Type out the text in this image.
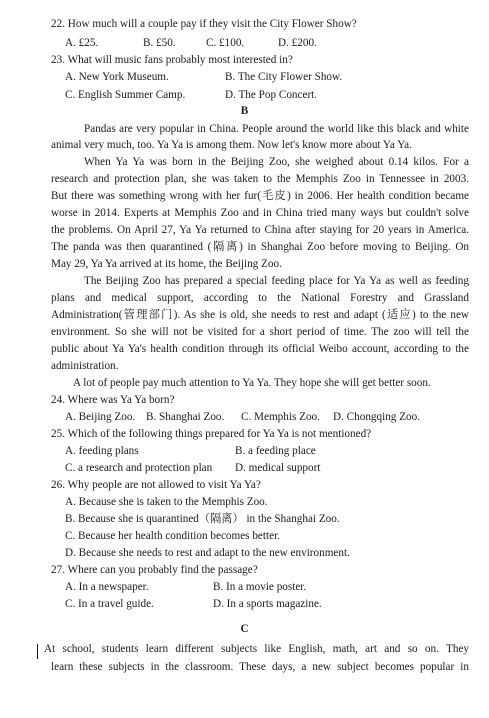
22. How much will a couple pay if they visit the City Flower Show?
A. £25.	B. £50.	C. £100.	D. £200.
23. What will music fans probably most interested in?
A. New York Museum.	B. The City Flower Show.
C. English Summer Camp.	D. The Pop Concert.
B
Pandas are very popular in China. People around the world like this black and white
animal very much, too. Ya Ya is among them. Now let's know more about Ya Ya.
When Ya Ya was born in the Beijing Zoo, she weighed about 0.14 kilos. For a
research and protection plan, she was taken to the Memphis Zoo in Tennessee in 2003.
But there was something wrong with her fur(毛皮) in 2006. Her health condition became
worse in 2014. Experts at Memphis Zoo and in China tried many ways but couldn't solve
the problems. On April 27, Ya Ya returned to China after staying for 20 years in America.
The panda was then quarantined (隔离) in Shanghai Zoo before moving to Beijing. On
May 29, Ya Ya arrived at its home, the Beijing Zoo.
The Beijing Zoo has prepared a special feeding place for Ya Ya as well as feeding
plans and medical support, according to the National Forestry and Grassland
Administration(管理部门). As she is old, she needs to rest and adapt (适应) to the new
environment. So she will not be visited for a short period of time. The zoo will tell the
public about Ya Ya's health condition through its official Weibo account, according to the
administration.
A lot of people pay much attention to Ya Ya. They hope she will get better soon.
24. Where was Ya Ya born?
A. Beijing Zoo. B. Shanghai Zoo. C. Memphis Zoo. D. Chongqing Zoo.
25. Which of the following things prepared for Ya Ya is not mentioned?
A. feeding plans	B. a feeding place
C. a research and protection plan D. medical support
26. Why people are not allowed to visit Ya Ya?
A. Because she is taken to the Memphis Zoo.
B. Because she is quarantined（隔离） in the Shanghai Zoo.
C. Because her health condition becomes better.
D. Because she needs to rest and adapt to the new environment.
27. Where can you probably find the passage?
A. In a newspaper.	B. In a movie poster.
C. In a travel guide.	D. In a sports magazine.
C
At school, students learn different subjects like English, math, art and so on. They
learn these subjects in the classroom. These days, a new subject becomes popular in
